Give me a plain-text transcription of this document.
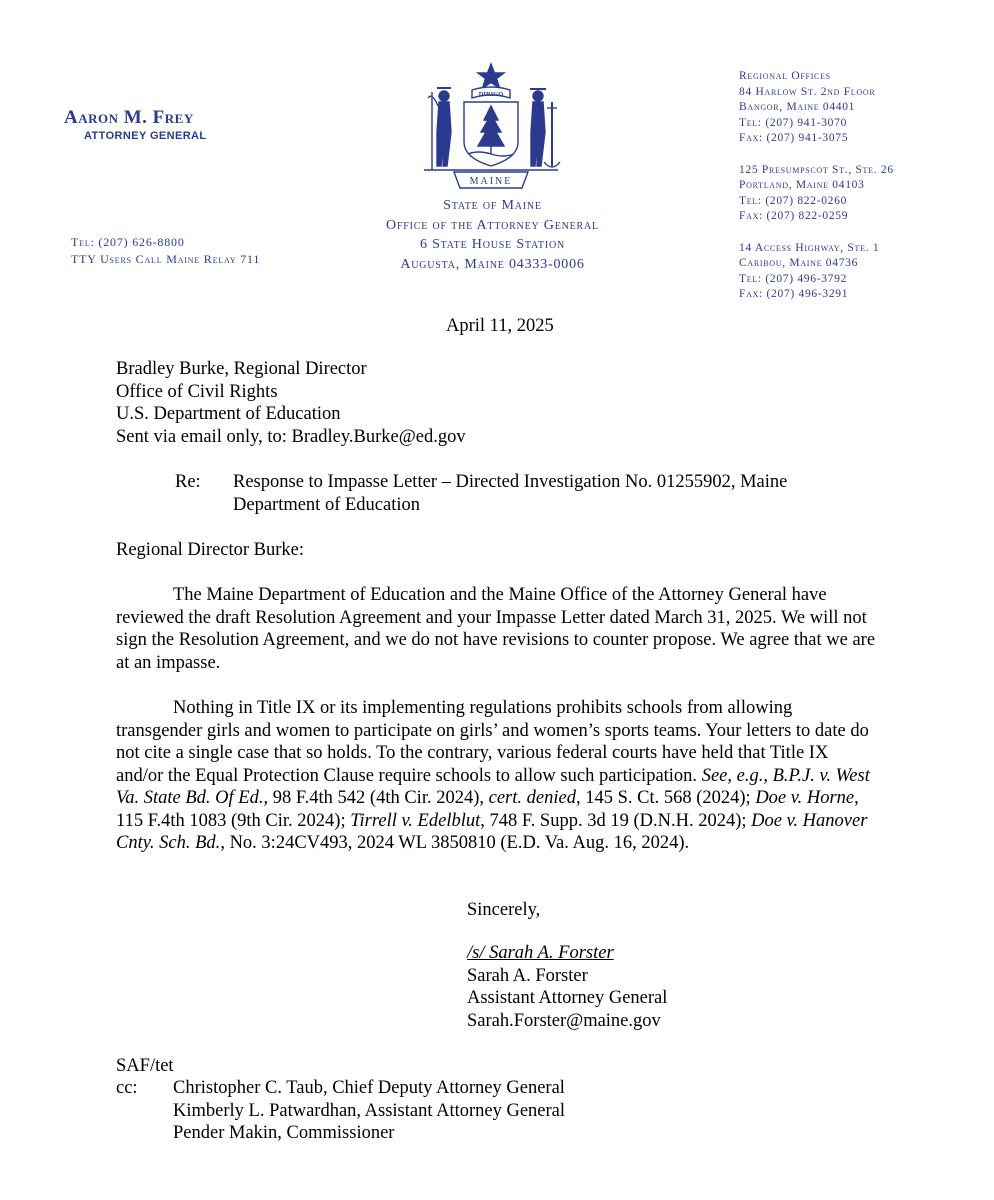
Aaron M. Frey
ATTORNEY GENERAL
Tel: (207) 626-8800
TTY Users Call Maine Relay 711
DIRIGO
MAINE
State of Maine
Office of the Attorney General
6 State House Station
Augusta, Maine 04333-0006
Regional Offices
84 Harlow St. 2nd Floor
Bangor, Maine 04401
Tel: (207) 941-3070
Fax: (207) 941-3075
125 Presumpscot St., Ste. 26
Portland, Maine 04103
Tel: (207) 822-0260
Fax: (207) 822-0259
14 Access Highway, Ste. 1
Caribou, Maine 04736
Tel: (207) 496-3792
Fax: (207) 496-3291
April 11, 2025
Bradley Burke, Regional Director
Office of Civil Rights
U.S. Department of Education
Sent via email only, to: Bradley.Burke@ed.gov
Re: Response to Impasse Letter – Directed Investigation No. 01255902, Maine Department of Education
Regional Director Burke:

The Maine Department of Education and the Maine Office of the Attorney General have reviewed the draft Resolution Agreement and your Impasse Letter dated March 31, 2025. We will not sign the Resolution Agreement, and we do not have revisions to counter propose. We agree that we are at an impasse.

Nothing in Title IX or its implementing regulations prohibits schools from allowing transgender girls and women to participate on girls’ and women’s sports teams. Your letters to date do not cite a single case that so holds. To the contrary, various federal courts have held that Title IX and/or the Equal Protection Clause require schools to allow such participation. See, e.g., B.P.J. v. West Va. State Bd. Of Ed., 98 F.4th 542 (4th Cir. 2024), cert. denied, 145 S. Ct. 568 (2024); Doe v. Horne, 115 F.4th 1083 (9th Cir. 2024); Tirrell v. Edelblut, 748 F. Supp. 3d 19 (D.N.H. 2024); Doe v. Hanover Cnty. Sch. Bd., No. 3:24CV493, 2024 WL 3850810 (E.D. Va. Aug. 16, 2024).

Sincerely,
/s/ Sarah A. Forster
Sarah A. Forster
Assistant Attorney General
Sarah.Forster@maine.gov
SAF/tet
cc: Christopher C. Taub, Chief Deputy Attorney General
Kimberly L. Patwardhan, Assistant Attorney General
Pender Makin, Commissioner
